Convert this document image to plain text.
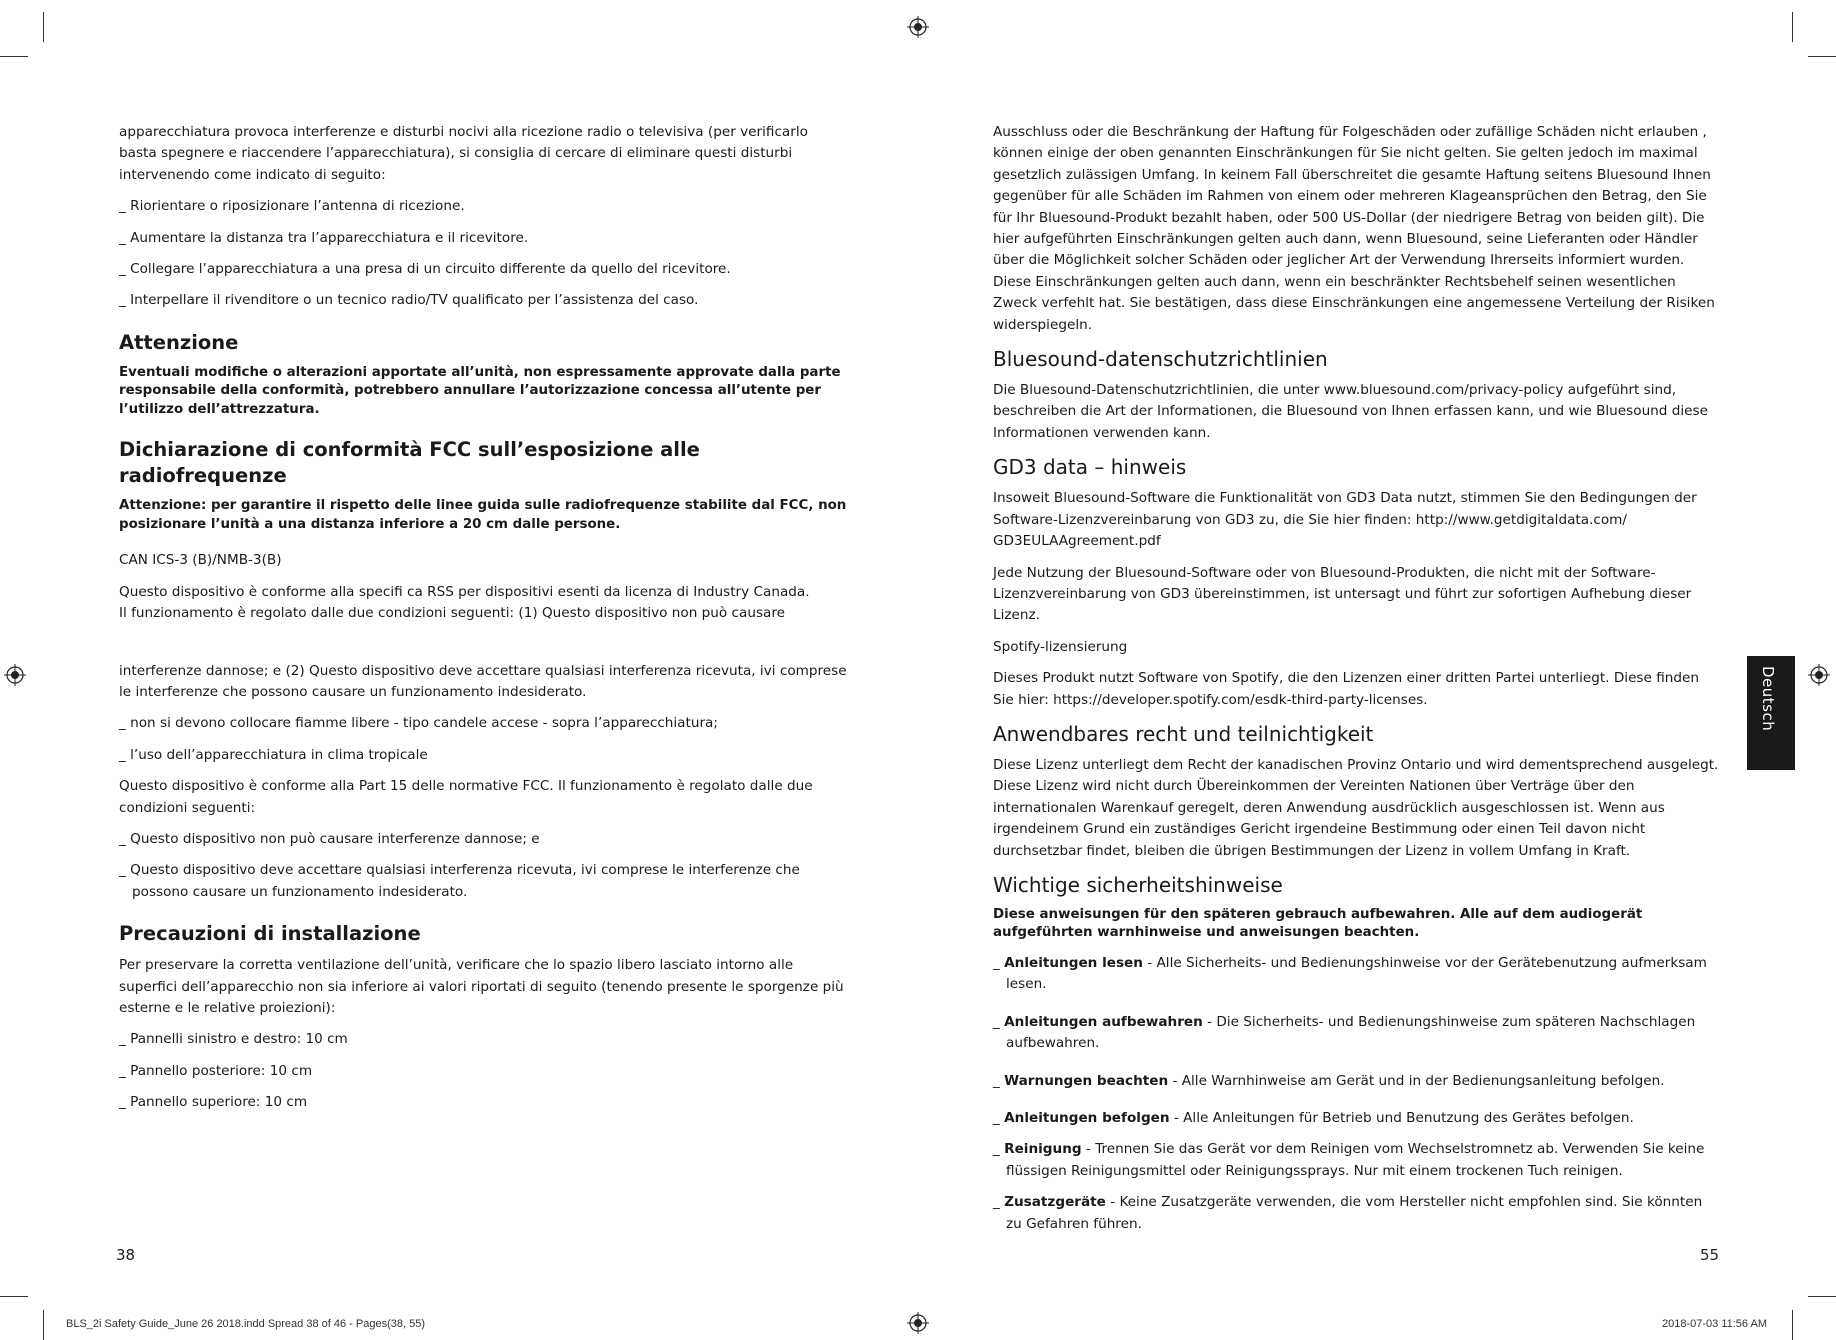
apparecchiatura provoca interferenze e disturbi nocivi alla ricezione radio o televisiva (per verificarlo basta spegnere e riaccendere l’apparecchiatura), si consiglia di cercare di eliminare questi disturbi intervenendo come indicato di seguito:

_ Riorientare o riposizionare l’antenna di ricezione.

_ Aumentare la distanza tra l’apparecchiatura e il ricevitore.

_ Collegare l’apparecchiatura a una presa di un circuito differente da quello del ricevitore.

_ Interpellare il rivenditore o un tecnico radio/TV qualificato per l’assistenza del caso.

Attenzione

Eventuali modifiche o alterazioni apportate all’unità, non espressamente approvate dalla parte responsabile della conformità, potrebbero annullare l’autorizzazione concessa all’utente per l’utilizzo dell’attrezzatura.

Dichiarazione di conformità FCC sull’esposizione alle radiofrequenze

Attenzione: per garantire il rispetto delle linee guida sulle radiofrequenze stabilite dal FCC, non posizionare l’unità a una distanza inferiore a 20 cm dalle persone.

CAN ICS-3 (B)/NMB-3(B)

Questo dispositivo è conforme alla specifi ca RSS per dispositivi esenti da licenza di Industry Canada.

Il funzionamento è regolato dalle due condizioni seguenti: (1) Questo dispositivo non può causare

interferenze dannose; e (2) Questo dispositivo deve accettare qualsiasi interferenza ricevuta, ivi comprese le interferenze che possono causare un funzionamento indesiderato.

_ non si devono collocare fiamme libere - tipo candele accese - sopra l’apparecchiatura;

_ l’uso dell’apparecchiatura in clima tropicale

Questo dispositivo è conforme alla Part 15 delle normative FCC. Il funzionamento è regolato dalle due condizioni seguenti:

_ Questo dispositivo non può causare interferenze dannose; e

_ Questo dispositivo deve accettare qualsiasi interferenza ricevuta, ivi comprese le interferenze che possono causare un funzionamento indesiderato.

Precauzioni di installazione

Per preservare la corretta ventilazione dell’unità, verificare che lo spazio libero lasciato intorno alle superfici dell’apparecchio non sia inferiore ai valori riportati di seguito (tenendo presente le sporgenze più esterne e le relative proiezioni):

_ Pannelli sinistro e destro: 10 cm

_ Pannello posteriore: 10 cm

_ Pannello superiore: 10 cm

38

Ausschluss oder die Beschränkung der Haftung für Folgeschäden oder zufällige Schäden nicht erlauben , können einige der oben genannten Einschränkungen für Sie nicht gelten. Sie gelten jedoch im maximal gesetzlich zulässigen Umfang. In keinem Fall überschreitet die gesamte Haftung seitens Bluesound Ihnen gegenüber für alle Schäden im Rahmen von einem oder mehreren Klageansprüchen den Betrag, den Sie für Ihr Bluesound-Produkt bezahlt haben, oder 500 US-Dollar (der niedrigere Betrag von beiden gilt). Die hier aufgeführten Einschränkungen gelten auch dann, wenn Bluesound, seine Lieferanten oder Händler über die Möglichkeit solcher Schäden oder jeglicher Art der Verwendung Ihrerseits informiert wurden. Diese Einschränkungen gelten auch dann, wenn ein beschränkter Rechtsbehelf seinen wesentlichen Zweck verfehlt hat. Sie bestätigen, dass diese Einschränkungen eine angemessene Verteilung der Risiken widerspiegeln.

Bluesound-datenschutzrichtlinien

Die Bluesound-Datenschutzrichtlinien, die unter www.bluesound.com/privacy-policy aufgeführt sind, beschreiben die Art der Informationen, die Bluesound von Ihnen erfassen kann, und wie Bluesound diese Informationen verwenden kann.

GD3 data – hinweis

Insoweit Bluesound-Software die Funktionalität von GD3 Data nutzt, stimmen Sie den Bedingungen der Software-Lizenzvereinbarung von GD3 zu, die Sie hier finden: http://www.getdigitaldata.com/ GD3EULAAgreement.pdf

Jede Nutzung der Bluesound-Software oder von Bluesound-Produkten, die nicht mit der Software-Lizenzvereinbarung von GD3 übereinstimmen, ist untersagt und führt zur sofortigen Aufhebung dieser Lizenz.

Spotify-lizensierung

Dieses Produkt nutzt Software von Spotify, die den Lizenzen einer dritten Partei unterliegt. Diese finden Sie hier: https://developer.spotify.com/esdk-third-party-licenses.

Anwendbares recht und teilnichtigkeit

Diese Lizenz unterliegt dem Recht der kanadischen Provinz Ontario und wird dementsprechend ausgelegt. Diese Lizenz wird nicht durch Übereinkommen der Vereinten Nationen über Verträge über den internationalen Warenkauf geregelt, deren Anwendung ausdrücklich ausgeschlossen ist. Wenn aus irgendeinem Grund ein zuständiges Gericht irgendeine Bestimmung oder einen Teil davon nicht durchsetzbar findet, bleiben die übrigen Bestimmungen der Lizenz in vollem Umfang in Kraft.

Wichtige sicherheitshinweise

Diese anweisungen für den späteren gebrauch aufbewahren. Alle auf dem audiogerät aufgeführten warnhinweise und anweisungen beachten.

_ Anleitungen lesen - Alle Sicherheits- und Bedienungshinweise vor der Gerätebenutzung aufmerksam lesen.

_ Anleitungen aufbewahren - Die Sicherheits- und Bedienungshinweise zum späteren Nachschlagen aufbewahren.

_ Warnungen beachten - Alle Warnhinweise am Gerät und in der Bedienungsanleitung befolgen.

_ Anleitungen befolgen - Alle Anleitungen für Betrieb und Benutzung des Gerätes befolgen.

_ Reinigung - Trennen Sie das Gerät vor dem Reinigen vom Wechselstromnetz ab. Verwenden Sie keine flüssigen Reinigungsmittel oder Reinigungssprays. Nur mit einem trockenen Tuch reinigen.

_ Zusatzgeräte - Keine Zusatzgeräte verwenden, die vom Hersteller nicht empfohlen sind. Sie könnten zu Gefahren führen.

55
Deutsch
BLS_2i Safety Guide_June 26 2018.indd Spread 38 of 46 - Pages(38, 55)	2018-07-03 11:56 AM
